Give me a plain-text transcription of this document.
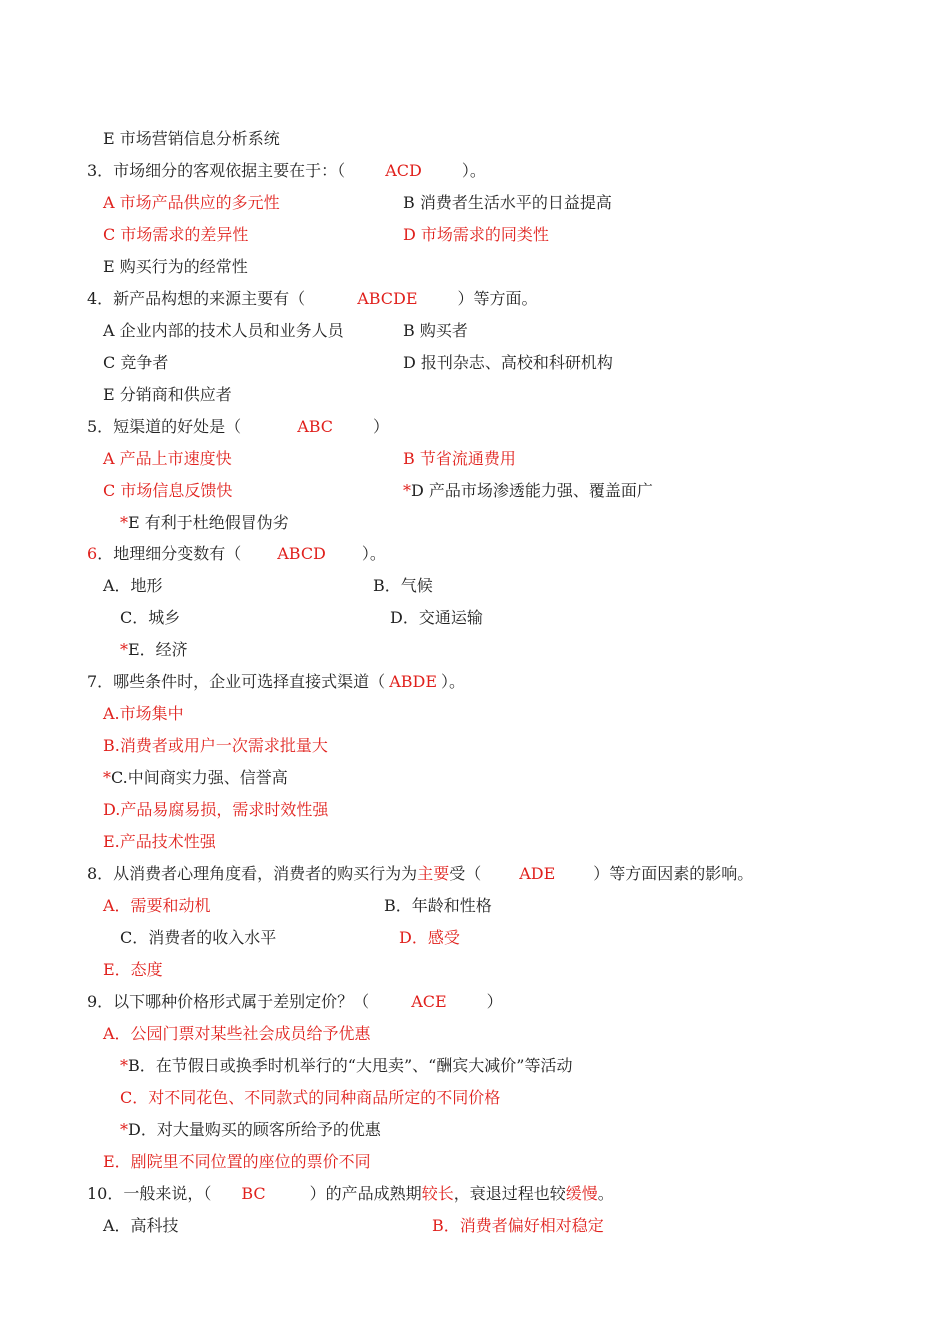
E 市场营销信息分析系统
3．市场细分的客观依据主要在于：（	ACD	）。
A 市场产品供应的多元性	B 消费者生活水平的日益提高
C 市场需求的差异性	D 市场需求的同类性
E 购买行为的经常性
4．新产品构想的来源主要有（	ABCDE	）等方面。
A 企业内部的技术人员和业务人员	B 购买者
C 竞争者	D 报刊杂志、高校和科研机构
E 分销商和供应者
5．短渠道的好处是（	ABC	）
A 产品上市速度快	B 节省流通费用
C 市场信息反馈快	*D 产品市场渗透能力强、覆盖面广
*E 有利于杜绝假冒伪劣
6．地理细分变数有（ ABCD ）。
A．地形	B．气候
C．城乡	D．交通运输
*E．经济
7．哪些条件时，企业可选择直接式渠道（ ABDE ）。
A.市场集中
B.消费者或用户一次需求批量大
*C.中间商实力强、信誉高
D.产品易腐易损，需求时效性强
E.产品技术性强
8．从消费者心理角度看，消费者的购买行为为主要受（ ADE ）等方面因素的影响。
A．需要和动机	B．年龄和性格
C．消费者的收入水平	D．感受
E．态度
9．以下哪种价格形式属于差别定价？（	ACE	）
A．公园门票对某些社会成员给予优惠
*B．在节假日或换季时机举行的“大甩卖”、“酬宾大减价”等活动
C．对不同花色、不同款式的同种商品所定的不同价格
*D．对大量购买的顾客所给予的优惠
E．剧院里不同位置的座位的票价不同
10．一般来说，（ BC	）的产品成熟期较长，衰退过程也较缓慢。
A．高科技	B．消费者偏好相对稳定
